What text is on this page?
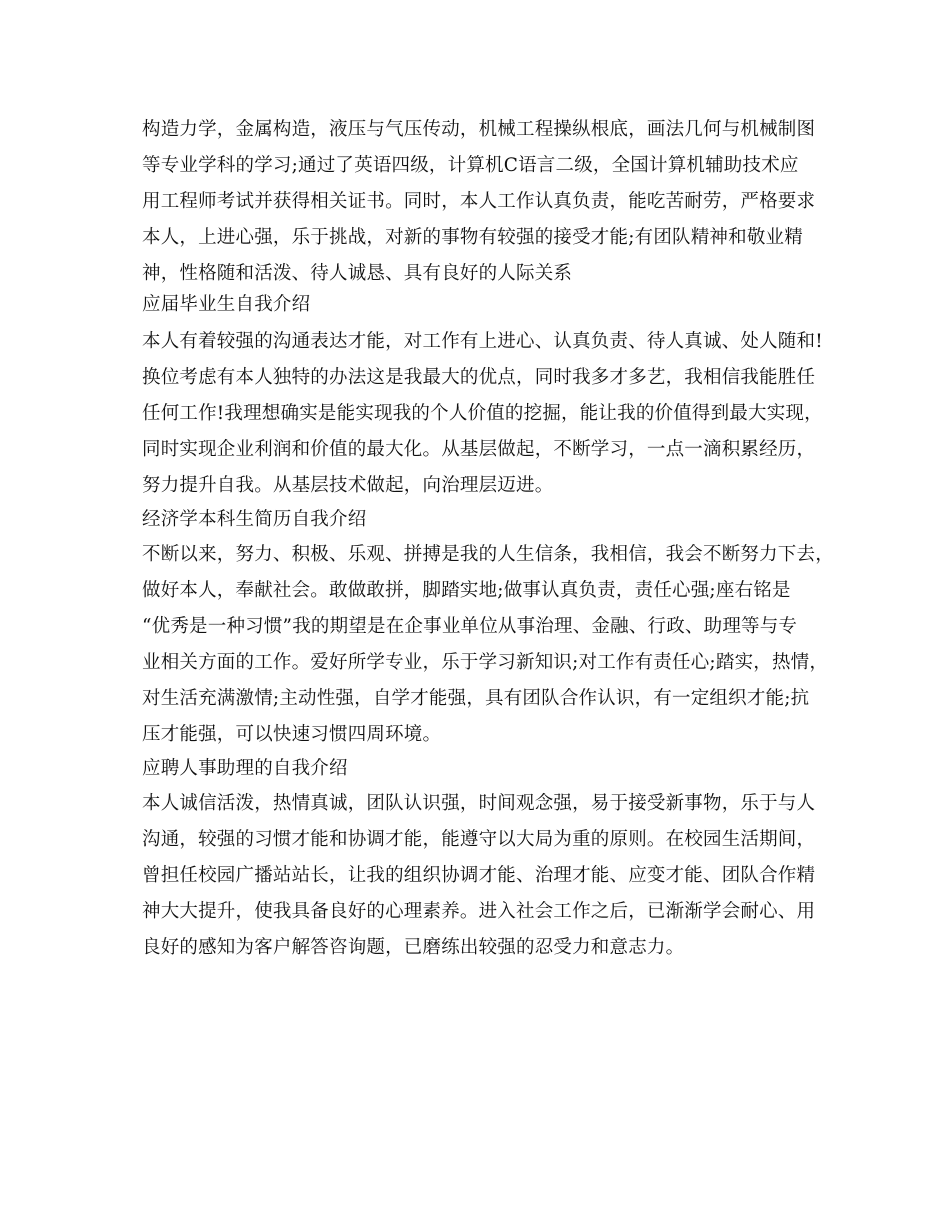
构造力学，金属构造，液压与气压传动，机械工程操纵根底，画法几何与机械制图
等专业学科的学习;通过了英语四级，计算机C语言二级，全国计算机辅助技术应
用工程师考试并获得相关证书。同时，本人工作认真负责，能吃苦耐劳，严格要求
本人，上进心强，乐于挑战，对新的事物有较强的接受才能;有团队精神和敬业精
神，性格随和活泼、待人诚恳、具有良好的人际关系
应届毕业生自我介绍
本人有着较强的沟通表达才能，对工作有上进心、认真负责、待人真诚、处人随和!
换位考虑有本人独特的办法这是我最大的优点，同时我多才多艺，我相信我能胜任
任何工作!我理想确实是能实现我的个人价值的挖掘，能让我的价值得到最大实现，
同时实现企业利润和价值的最大化。从基层做起，不断学习，一点一滴积累经历，
努力提升自我。从基层技术做起，向治理层迈进。
经济学本科生简历自我介绍
不断以来，努力、积极、乐观、拼搏是我的人生信条，我相信，我会不断努力下去，
做好本人，奉献社会。敢做敢拼，脚踏实地;做事认真负责，责任心强;座右铭是
“优秀是一种习惯”我的期望是在企事业单位从事治理、金融、行政、助理等与专
业相关方面的工作。爱好所学专业，乐于学习新知识;对工作有责任心;踏实，热情，
对生活充满激情;主动性强，自学才能强，具有团队合作认识，有一定组织才能;抗
压才能强，可以快速习惯四周环境。
应聘人事助理的自我介绍
本人诚信活泼，热情真诚，团队认识强，时间观念强，易于接受新事物，乐于与人
沟通，较强的习惯才能和协调才能，能遵守以大局为重的原则。在校园生活期间，
曾担任校园广播站站长，让我的组织协调才能、治理才能、应变才能、团队合作精
神大大提升，使我具备良好的心理素养。进入社会工作之后，已渐渐学会耐心、用
良好的感知为客户解答咨询题，已磨练出较强的忍受力和意志力。
